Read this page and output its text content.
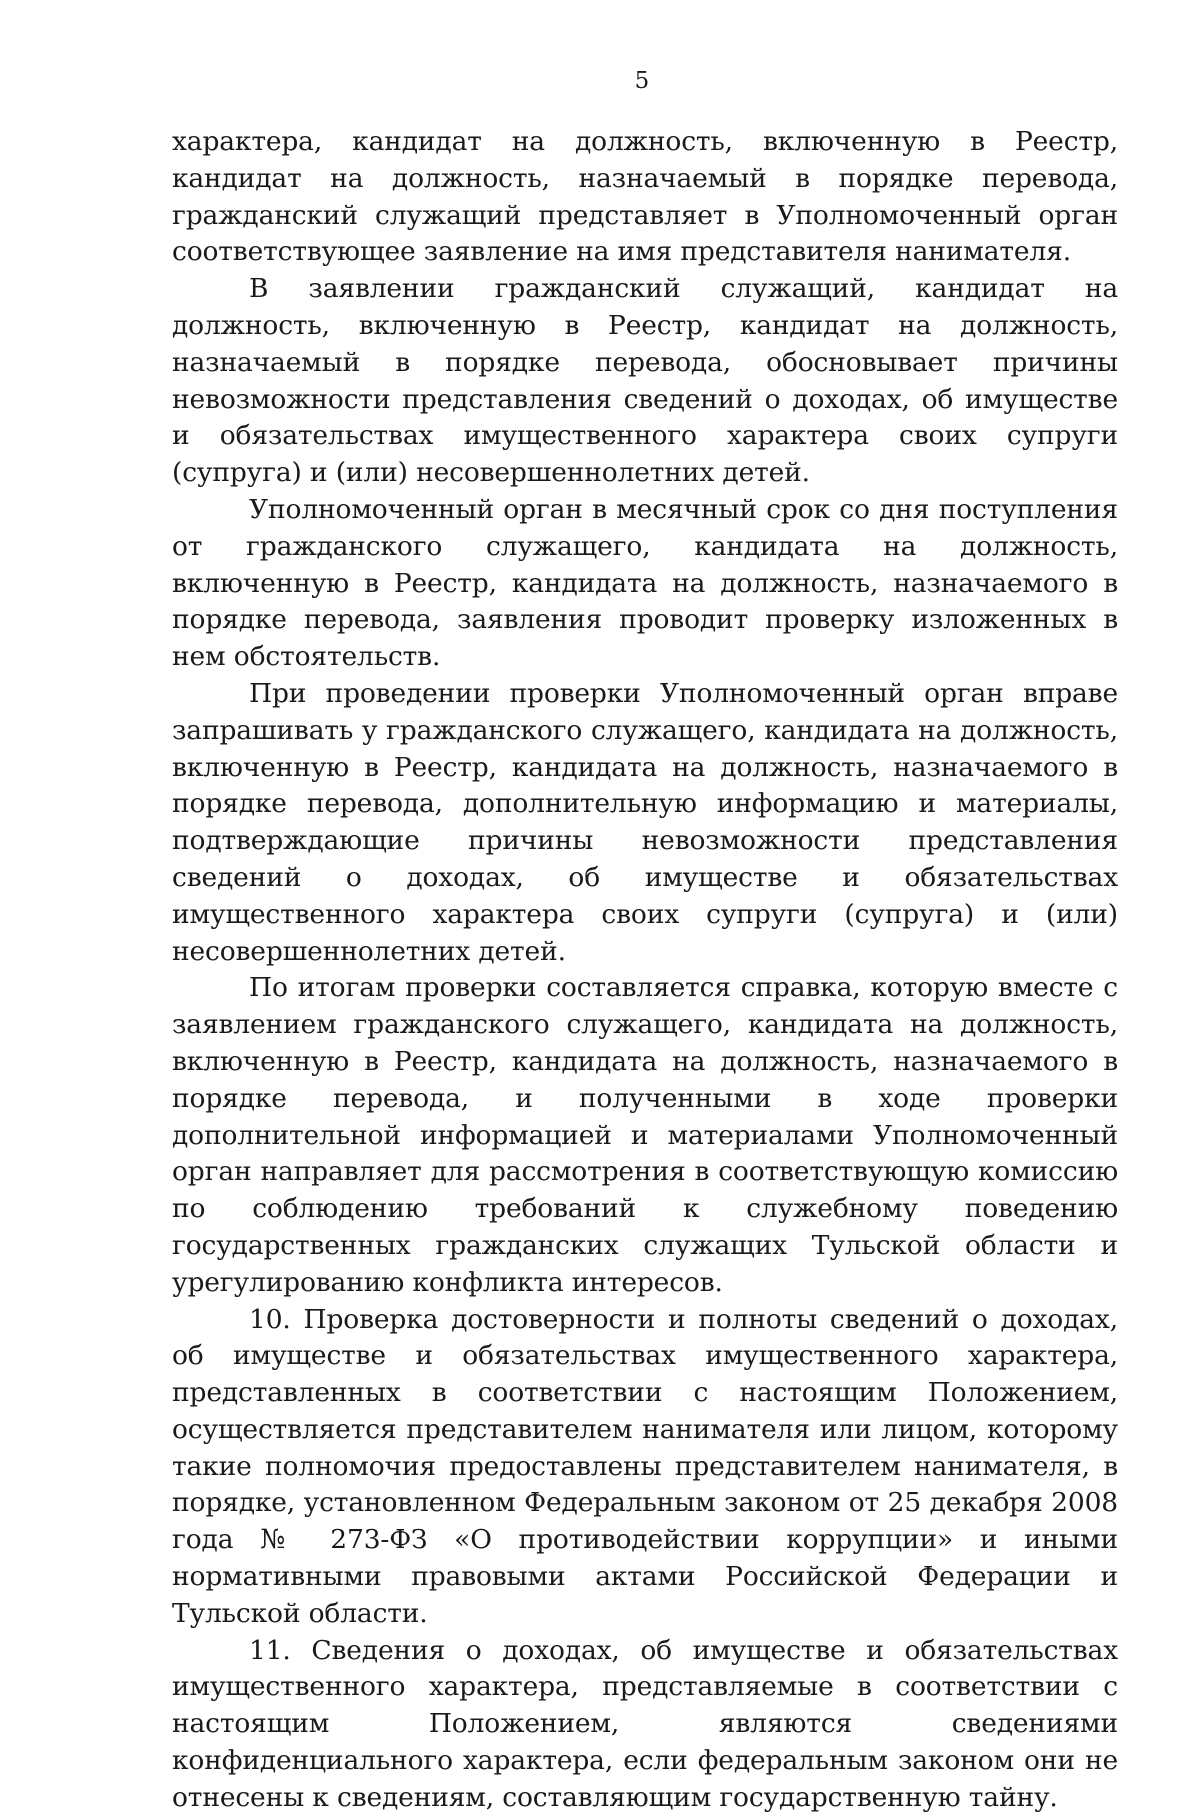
5

характера, кандидат на должность, включенную в Реестр, кандидат на должность, назначаемый в порядке перевода, гражданский служащий представляет в Уполномоченный орган соответствующее заявление на имя представителя нанимателя.

В заявлении гражданский служащий, кандидат на должность, включенную в Реестр, кандидат на должность, назначаемый в порядке перевода, обосновывает причины невозможности представления сведений о доходах, об имуществе и обязательствах имущественного характера своих супруги (супруга) и (или) несовершеннолетних детей.

Уполномоченный орган в месячный срок со дня поступления от гражданского служащего, кандидата на должность, включенную в Реестр, кандидата на должность, назначаемого в порядке перевода, заявления проводит проверку изложенных в нем обстоятельств.

При проведении проверки Уполномоченный орган вправе запрашивать у гражданского служащего, кандидата на должность, включенную в Реестр, кандидата на должность, назначаемого в порядке перевода, дополнительную информацию и материалы, подтверждающие причины невозможности представления сведений о доходах, об имуществе и обязательствах имущественного характера своих супруги (супруга) и (или) несовершеннолетних детей.

По итогам проверки составляется справка, которую вместе с заявлением гражданского служащего, кандидата на должность, включенную в Реестр, кандидата на должность, назначаемого в порядке перевода, и полученными в ходе проверки дополнительной информацией и материалами Уполномоченный орган направляет для рассмотрения в соответствующую комиссию по соблюдению требований к служебному поведению государственных гражданских служащих Тульской области и урегулированию конфликта интересов.

10. Проверка достоверности и полноты сведений о доходах, об имуществе и обязательствах имущественного характера, представленных в соответствии с настоящим Положением, осуществляется представителем нанимателя или лицом, которому такие полномочия предоставлены представителем нанимателя, в порядке, установленном Федеральным законом от 25 декабря 2008 года № 273-ФЗ «О противодействии коррупции» и иными нормативными правовыми актами Российской Федерации и Тульской области.

11. Сведения о доходах, об имуществе и обязательствах имущественного характера, представляемые в соответствии с настоящим Положением, являются сведениями конфиденциального характера, если федеральным законом они не отнесены к сведениям, составляющим государственную тайну.
